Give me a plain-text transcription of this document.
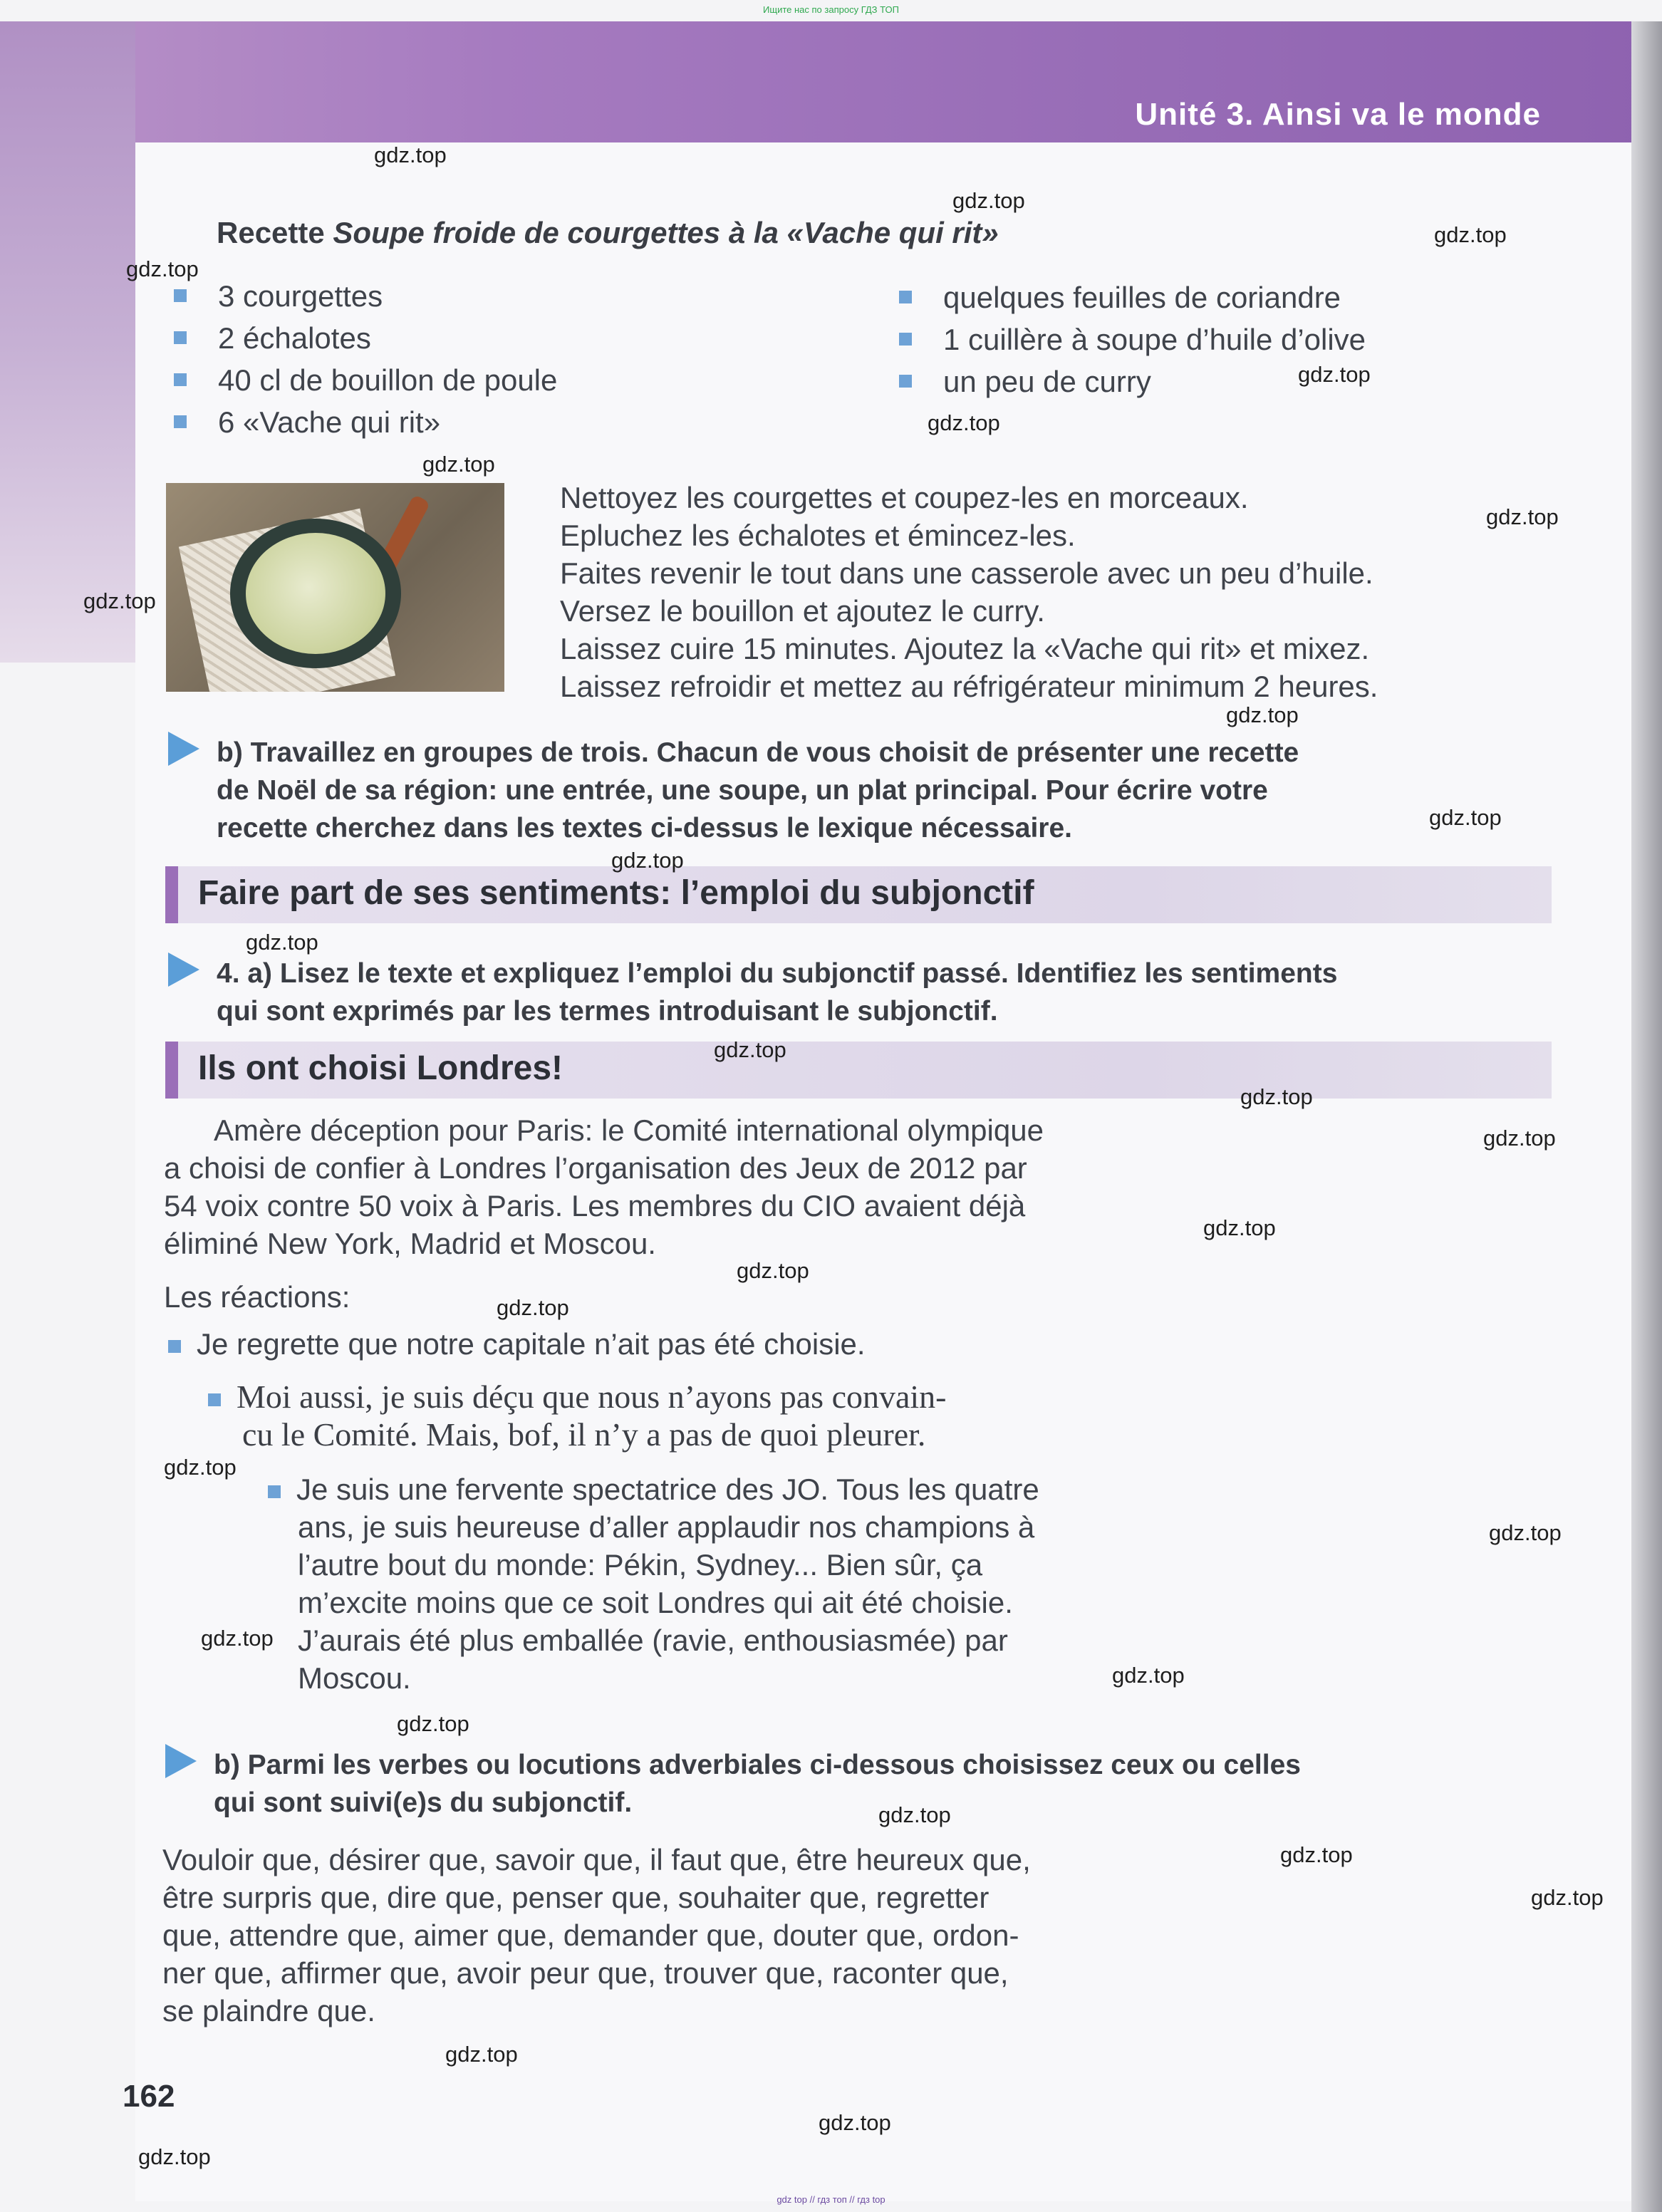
Ищите нас по запросу ГДЗ ТОП
Unité 3. Ainsi va le monde
Recette Soupe froide de courgettes à la «Vache qui rit»
3 courgettes
2 échalotes
40 cl de bouillon de poule
6 «Vache qui rit»
quelques feuilles de coriandre
1 cuillère à soupe d’huile d’olive
un peu de curry
Nettoyez les courgettes et coupez-les en morceaux.
Epluchez les échalotes et émincez-les.
Faites revenir le tout dans une casserole avec un peu d’huile.
Versez le bouillon et ajoutez le curry.
Laissez cuire 15 minutes. Ajoutez la «Vache qui rit» et mixez.
Laissez refroidir et mettez au réfrigérateur minimum 2 heures.
b) Travaillez en groupes de trois. Chacun de vous choisit de présenter une recette
de Noël de sa région: une entrée, une soupe, un plat principal. Pour écrire votre
recette cherchez dans les textes ci-dessus le lexique nécessaire.
Faire part de ses sentiments: l’emploi du subjonctif
4. a) Lisez le texte et expliquez l’emploi du subjonctif passé. Identifiez les sentiments
qui sont exprimés par les termes introduisant le subjonctif.
Ils ont choisi Londres!
Amère déception pour Paris: le Comité international olympique
a choisi de confier à Londres l’organisation des Jeux de 2012 par
54 voix contre 50 voix à Paris. Les membres du CIO avaient déjà
éliminé New York, Madrid et Moscou.
Les réactions:
Je regrette que notre capitale n’ait pas été choisie.
Moi aussi, je suis déçu que nous n’ayons pas convain-
cu le Comité. Mais, bof, il n’y a pas de quoi pleurer.
Je suis une fervente spectatrice des JO. Tous les quatre
ans, je suis heureuse d’aller applaudir nos champions à
l’autre bout du monde: Pékin, Sydney... Bien sûr, ça
m’excite moins que ce soit Londres qui ait été choisie.
J’aurais été plus emballée (ravie, enthousiasmée) par
Moscou.
b) Parmi les verbes ou locutions adverbiales ci-dessous choisissez ceux ou celles
qui sont suivi(e)s du subjonctif.
Vouloir que, désirer que, savoir que, il faut que, être heureux que,
être surpris que, dire que, penser que, souhaiter que, regretter
que, attendre que, aimer que, demander que, douter que, ordon-
ner que, affirmer que, avoir peur que, trouver que, raconter que,
se plaindre que.
162
gdz.top
gdz.top
gdz.top
gdz.top
gdz.top
gdz.top
gdz.top
gdz.top
gdz.top
gdz.top
gdz.top
gdz.top
gdz.top
gdz.top
gdz.top
gdz.top
gdz.top
gdz.top
gdz.top
gdz.top
gdz.top
gdz.top
gdz.top
gdz.top
gdz.top
gdz.top
gdz.top
gdz.top
gdz.top
gdz.top
gdz top // гдз топ // гдз top
